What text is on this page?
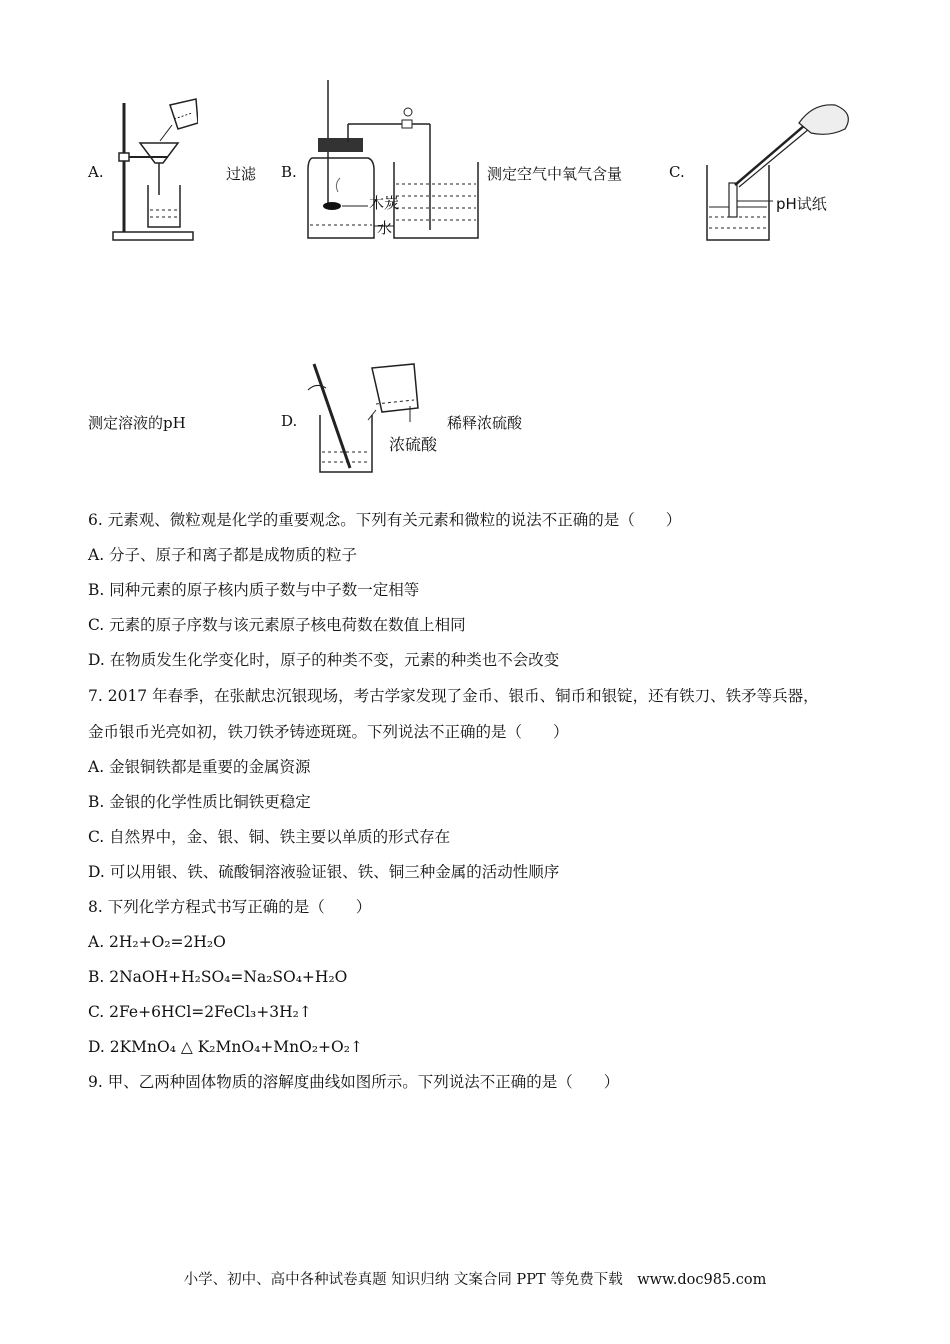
A.	过滤 B.
木炭
水
测定空气中氧气含量	C.
pH试纸
测定溶液的pH	D.
浓硫酸
稀释浓硫酸
6. 元素观、微粒观是化学的重要观念。下列有关元素和微粒的说法不正确的是（　　）
A. 分子、原子和离子都是成物质的粒子
B. 同种元素的原子核内质子数与中子数一定相等
C. 元素的原子序数与该元素原子核电荷数在数值上相同
D. 在物质发生化学变化时，原子的种类不变，元素的种类也不会改变
7. 2017 年春季，在张献忠沉银现场，考古学家发现了金币、银币、铜币和银锭，还有铁刀、铁矛等兵器，
金币银币光亮如初，铁刀铁矛铸迹斑斑。下列说法不正确的是（　　）
A. 金银铜铁都是重要的金属资源
B. 金银的化学性质比铜铁更稳定
C. 自然界中，金、银、铜、铁主要以单质的形式存在
D. 可以用银、铁、硫酸铜溶液验证银、铁、铜三种金属的活动性顺序
8. 下列化学方程式书写正确的是（　　）
A. 2H₂+O₂=2H₂O
B. 2NaOH+H₂SO₄=Na₂SO₄+H₂O
C. 2Fe+6HCl=2FeCl₃+3H₂↑
D. 2KMnO₄ △ K₂MnO₄+MnO₂+O₂↑
9. 甲、乙两种固体物质的溶解度曲线如图所示。下列说法不正确的是（　　）
小学、初中、高中各种试卷真题 知识归纳 文案合同 PPT 等免费下载　www.doc985.com
